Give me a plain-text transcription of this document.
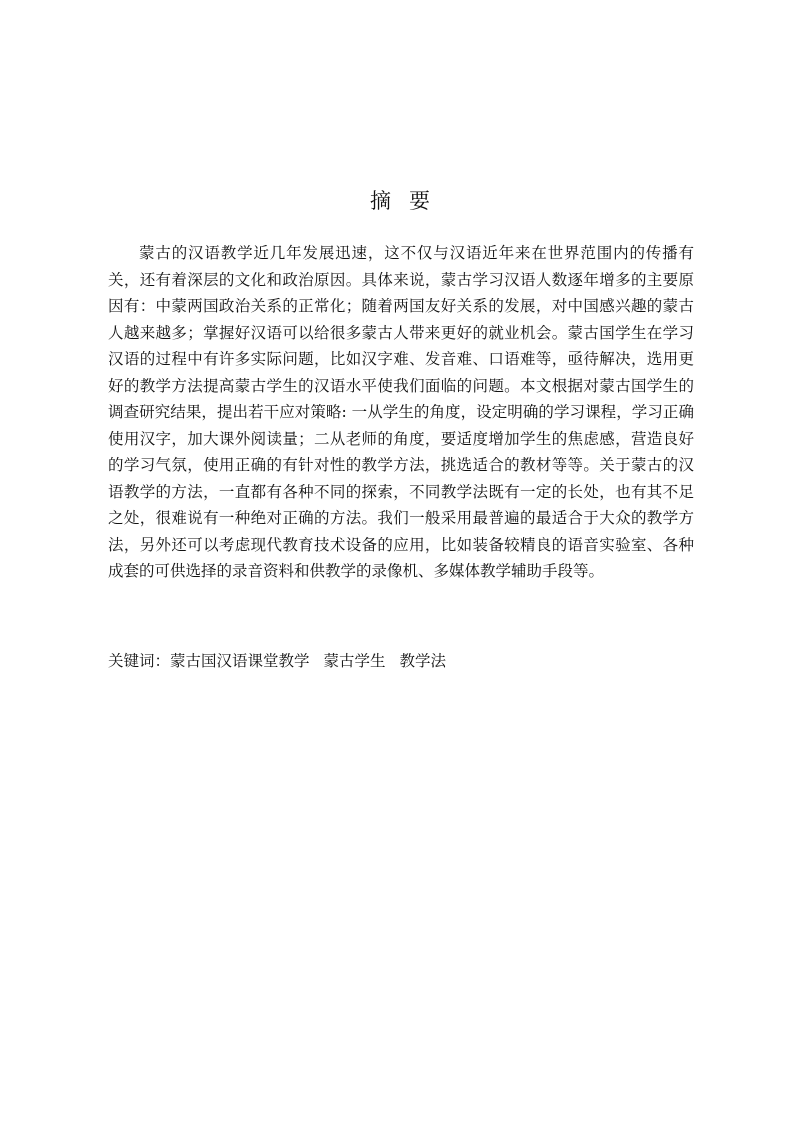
摘要

蒙古的汉语教学近几年发展迅速，这不仅与汉语近年来在世界范围内的传播有关，还有着深层的文化和政治原因。具体来说，蒙古学习汉语人数逐年增多的主要原因有：中蒙两国政治关系的正常化；随着两国友好关系的发展，对中国感兴趣的蒙古人越来越多；掌握好汉语可以给很多蒙古人带来更好的就业机会。蒙古国学生在学习汉语的过程中有许多实际问题，比如汉字难、发音难、口语难等，亟待解决，选用更好的教学方法提高蒙古学生的汉语水平使我们面临的问题。本文根据对蒙古国学生的调查研究结果，提出若干应对策略: 一从学生的角度，设定明确的学习课程，学习正确使用汉字，加大课外阅读量；二从老师的角度，要适度增加学生的焦虑感，营造良好的学习气氛，使用正确的有针对性的教学方法，挑选适合的教材等等。关于蒙古的汉语教学的方法，一直都有各种不同的探索，不同教学法既有一定的长处，也有其不足之处，很难说有一种绝对正确的方法。我们一般采用最普遍的最适合于大众的教学方法，另外还可以考虑现代教育技术设备的应用，比如装备较精良的语音实验室、各种成套的可供选择的录音资料和供教学的录像机、多媒体教学辅助手段等。

关键词：蒙古国汉语课堂教学 蒙古学生 教学法
